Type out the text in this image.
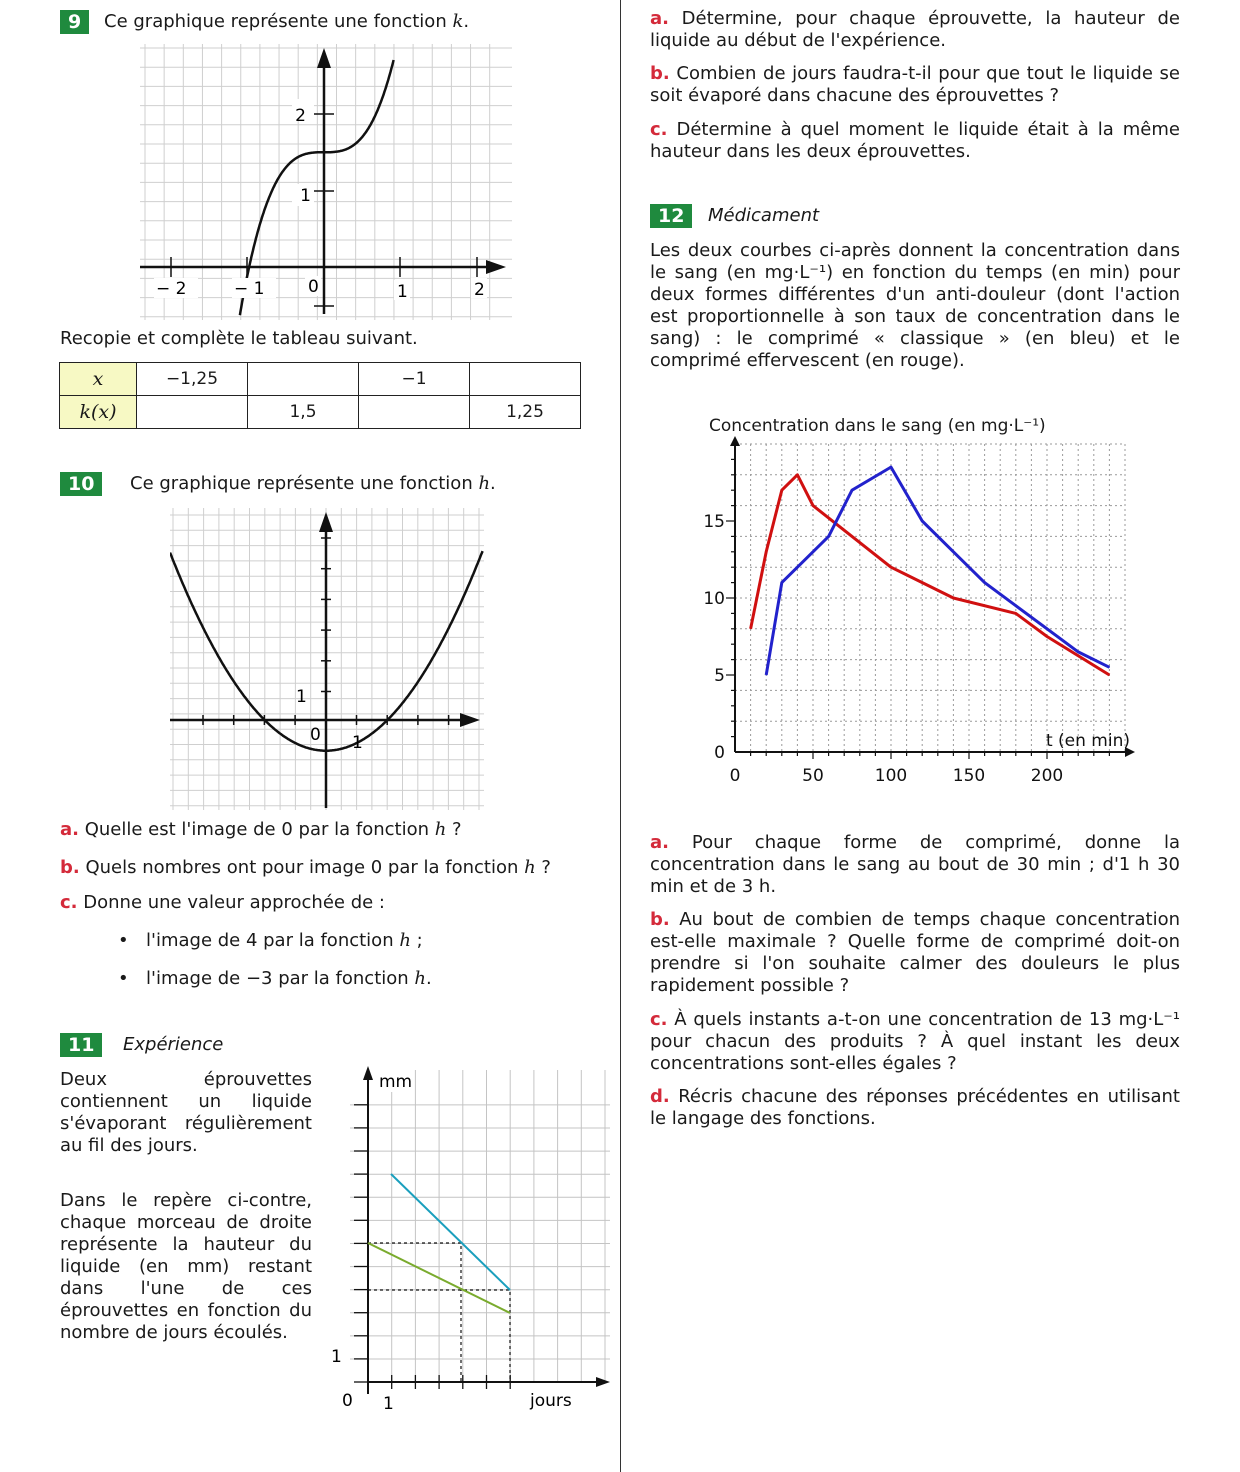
9	Ce graphique représente une fonction k.
2
1
− 2	− 1	0	1	2
Recopie et complète le tableau suivant.
x	−1,25		−1	
k(x)		1,5		1,25
10	Ce graphique représente une fonction h.
1
0 1
a. Quelle est l'image de 0 par la fonction h ?
b. Quels nombres ont pour image 0 par la fonction h ?
c. Donne une valeur approchée de :
• l'image de 4 par la fonction h ;
• l'image de −3 par la fonction h.
11	Expérience
Deux éprouvettes contiennent un liquide s'évaporant régulièrement au fil des jours.
Dans le repère ci-contre, chaque morceau de droite représente la hauteur du liquide (en mm) restant dans l'une de ces éprouvettes en fonction du nombre de jours écoulés.
mm
jours
0
1
1
a. Détermine, pour chaque éprouvette, la hauteur de liquide au début de l'expérience.
b. Combien de jours faudra-t-il pour que tout le liquide se soit évaporé dans chacune des éprouvettes ?
c. Détermine à quel moment le liquide était à la même hauteur dans les deux éprouvettes.
12	Médicament
Les deux courbes ci-après donnent la concentration dans le sang (en mg·L⁻¹) en fonction du temps (en min) pour deux formes différentes d'un anti-douleur (dont l'action est proportionnelle à son taux de concentration dans le sang) : le comprimé « classique » (en bleu) et le comprimé effervescent (en rouge).
Concentration dans le sang (en mg·L⁻¹)
0
5
10
15
0	50	100	150	200
t (en min)
a. Pour chaque forme de comprimé, donne la concentration dans le sang au bout de 30 min ; d'1 h 30 min et de 3 h.
b. Au bout de combien de temps chaque concentration est-elle maximale ? Quelle forme de comprimé doit-on prendre si l'on souhaite calmer des douleurs le plus rapidement possible ?
c. À quels instants a-t-on une concentration de 13 mg·L⁻¹ pour chacun des produits ? À quel instant les deux concentrations sont-elles égales ?
d. Récris chacune des réponses précédentes en utilisant le langage des fonctions.
